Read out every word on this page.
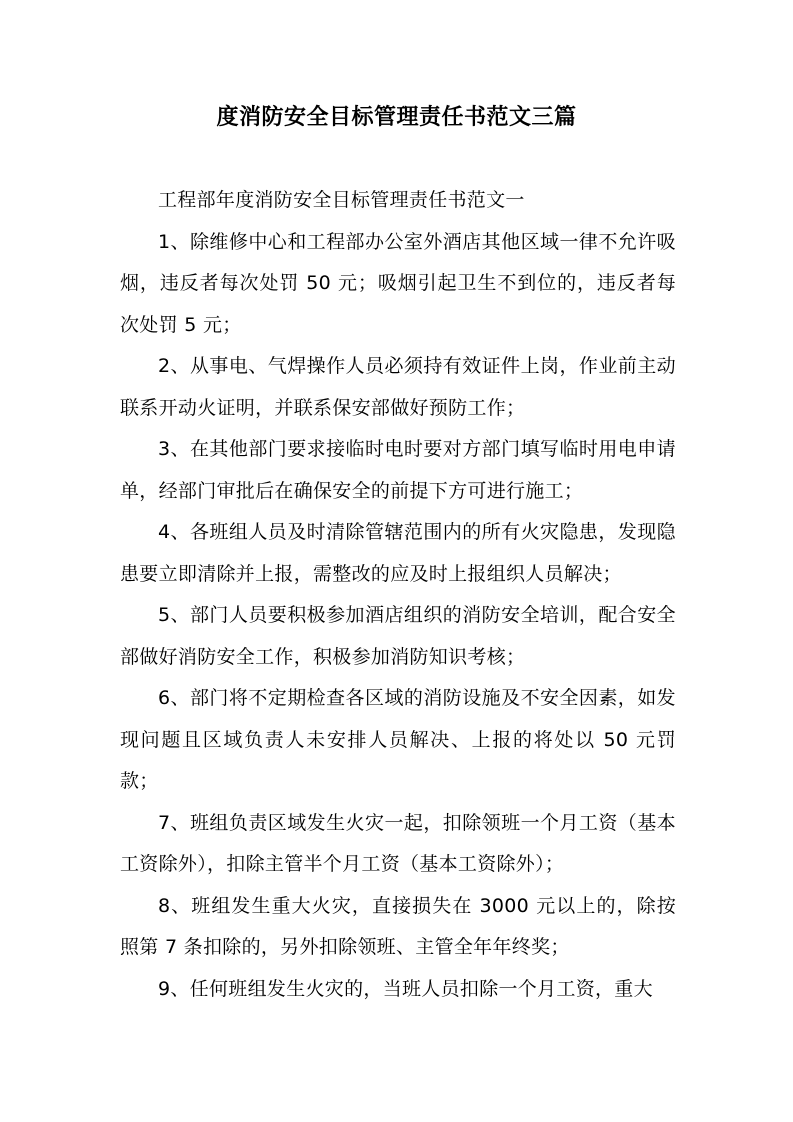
度消防安全目标管理责任书范文三篇

工程部年度消防安全目标管理责任书范文一

1、除维修中心和工程部办公室外酒店其他区域一律不允许吸烟，违反者每次处罚 50 元；吸烟引起卫生不到位的，违反者每次处罚 5 元；

2、从事电、气焊操作人员必须持有效证件上岗，作业前主动联系开动火证明，并联系保安部做好预防工作；

3、在其他部门要求接临时电时要对方部门填写临时用电申请单，经部门审批后在确保安全的前提下方可进行施工；

4、各班组人员及时清除管辖范围内的所有火灾隐患，发现隐患要立即清除并上报，需整改的应及时上报组织人员解决；

5、部门人员要积极参加酒店组织的消防安全培训，配合安全部做好消防安全工作，积极参加消防知识考核；

6、部门将不定期检查各区域的消防设施及不安全因素，如发现问题且区域负责人未安排人员解决、上报的将处以 50 元罚款；

7、班组负责区域发生火灾一起，扣除领班一个月工资（基本工资除外），扣除主管半个月工资（基本工资除外）；

8、班组发生重大火灾，直接损失在 3000 元以上的，除按照第 7 条扣除的，另外扣除领班、主管全年年终奖；

9、任何班组发生火灾的，当班人员扣除一个月工资，重大
